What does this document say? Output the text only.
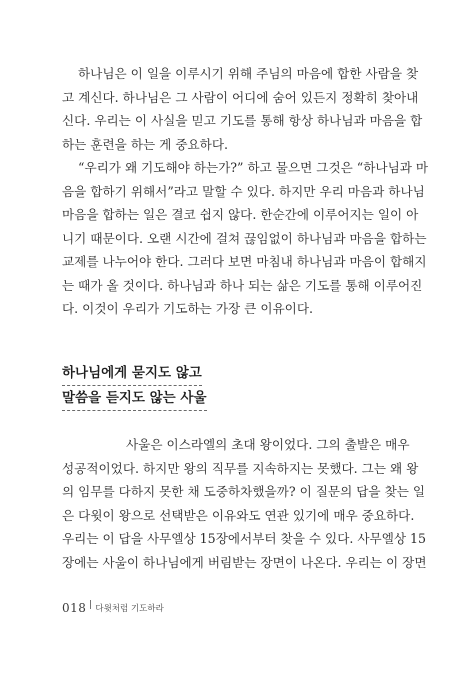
하나님은 이 일을 이루시기 위해 주님의 마음에 합한 사람을 찾
고 계신다. 하나님은 그 사람이 어디에 숨어 있든지 정확히 찾아내
신다. 우리는 이 사실을 믿고 기도를 통해 항상 하나님과 마음을 합
하는 훈련을 하는 게 중요하다.
“우리가 왜 기도해야 하는가?” 하고 물으면 그것은 “하나님과 마
음을 합하기 위해서”라고 말할 수 있다. 하지만 우리 마음과 하나님
마음을 합하는 일은 결코 쉽지 않다. 한순간에 이루어지는 일이 아
니기 때문이다. 오랜 시간에 걸쳐 끊임없이 하나님과 마음을 합하는
교제를 나누어야 한다. 그러다 보면 마침내 하나님과 마음이 합해지
는 때가 올 것이다. 하나님과 하나 되는 삶은 기도를 통해 이루어진
다. 이것이 우리가 기도하는 가장 큰 이유이다.
하나님에게 묻지도 않고
말씀을 듣지도 않는 사울
사울은 이스라엘의 초대 왕이었다. 그의 출발은 매우
성공적이었다. 하지만 왕의 직무를 지속하지는 못했다. 그는 왜 왕
의 임무를 다하지 못한 채 도중하차했을까? 이 질문의 답을 찾는 일
은 다윗이 왕으로 선택받은 이유와도 연관 있기에 매우 중요하다.
우리는 이 답을 사무엘상 15장에서부터 찾을 수 있다. 사무엘상 15
장에는 사울이 하나님에게 버림받는 장면이 나온다. 우리는 이 장면
018 다윗처럼 기도하라
